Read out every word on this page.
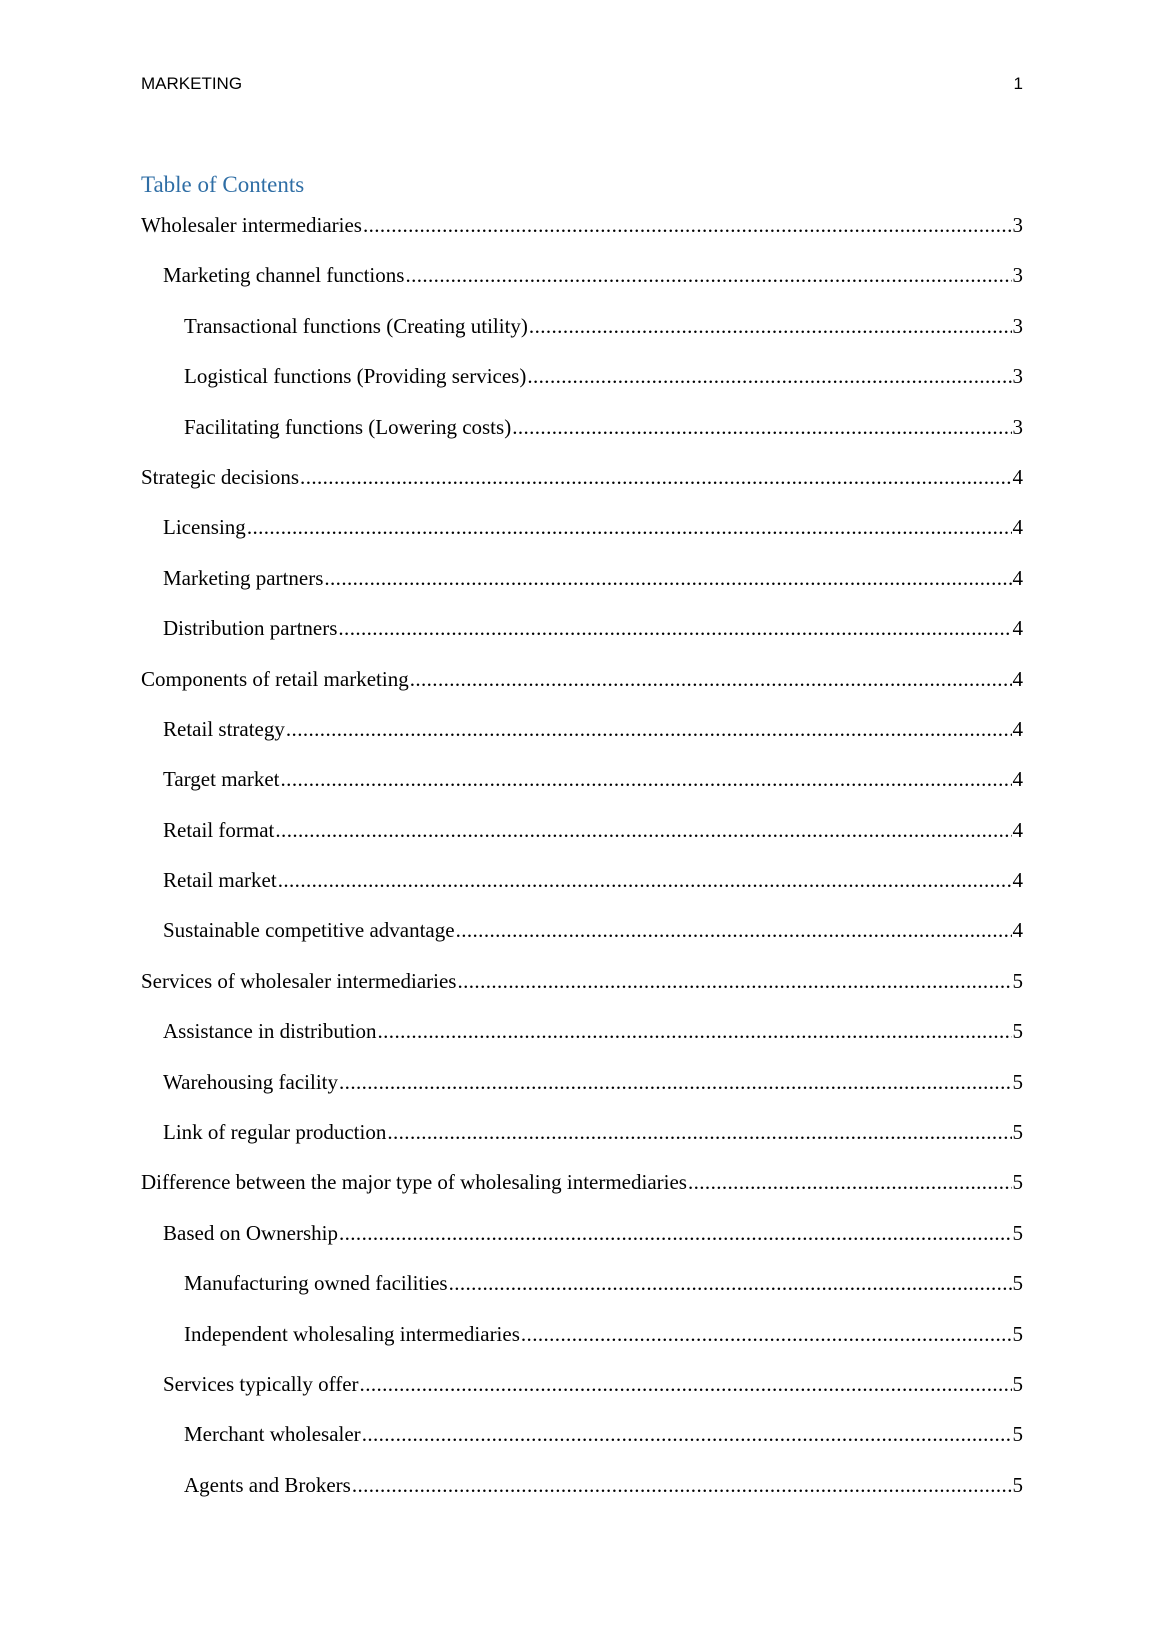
MARKETING	1
Table of Contents
Wholesaler intermediaries .....	3
Marketing channel functions .....	3
Transactional functions (Creating utility) .....	3
Logistical functions (Providing services) .....	3
Facilitating functions (Lowering costs) .....	3
Strategic decisions .....	4
Licensing .....	4
Marketing partners .....	4
Distribution partners .....	4
Components of retail marketing .....	4
Retail strategy .....	4
Target market .....	4
Retail format .....	4
Retail market .....	4
Sustainable competitive advantage .....	4
Services of wholesaler intermediaries .....	5
Assistance in distribution .....	5
Warehousing facility .....	5
Link of regular production .....	5
Difference between the major type of wholesaling intermediaries .....	5
Based on Ownership .....	5
Manufacturing owned facilities .....	5
Independent wholesaling intermediaries .....	5
Services typically offer .....	5
Merchant wholesaler .....	5
Agents and Brokers .....	5
